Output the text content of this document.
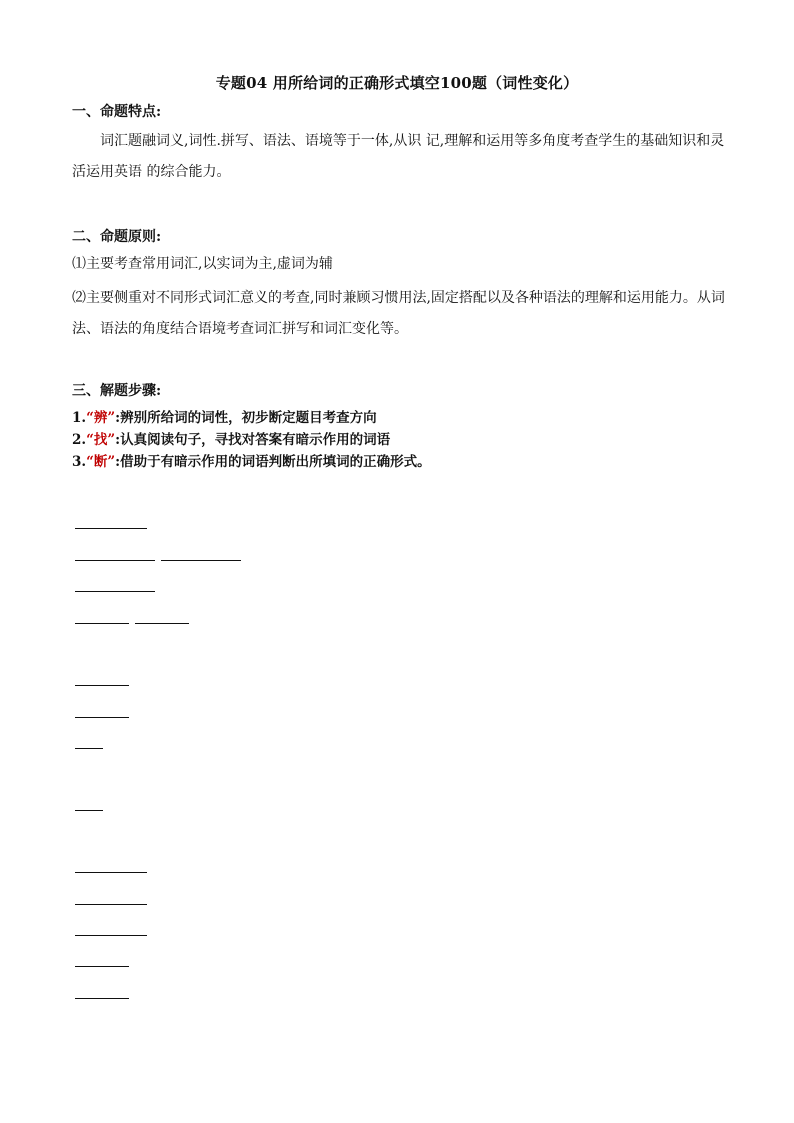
专题04 用所给词的正确形式填空100题（词性变化）
一、命题特点:
词汇题融词义,词性.拼写、语法、语境等于一体,从识 记,理解和运用等多角度考查学生的基础知识和灵活运用英语 的综合能力。
二、命题原则:
⑴主要考查常用词汇,以实词为主,虚词为辅
⑵主要侧重对不同形式词汇意义的考查,同时兼顾习惯用法,固定搭配以及各种语法的理解和运用能力。从词法、语法的角度结合语境考查词汇拼写和词汇变化等。
三、解题步骤:
1.“辨”:辨别所给词的词性，初步断定题目考查方向
2.“找”:认真阅读句子，寻找对答案有暗示作用的词语
3.“断”:借助于有暗示作用的词语判断出所填词的正确形式。
